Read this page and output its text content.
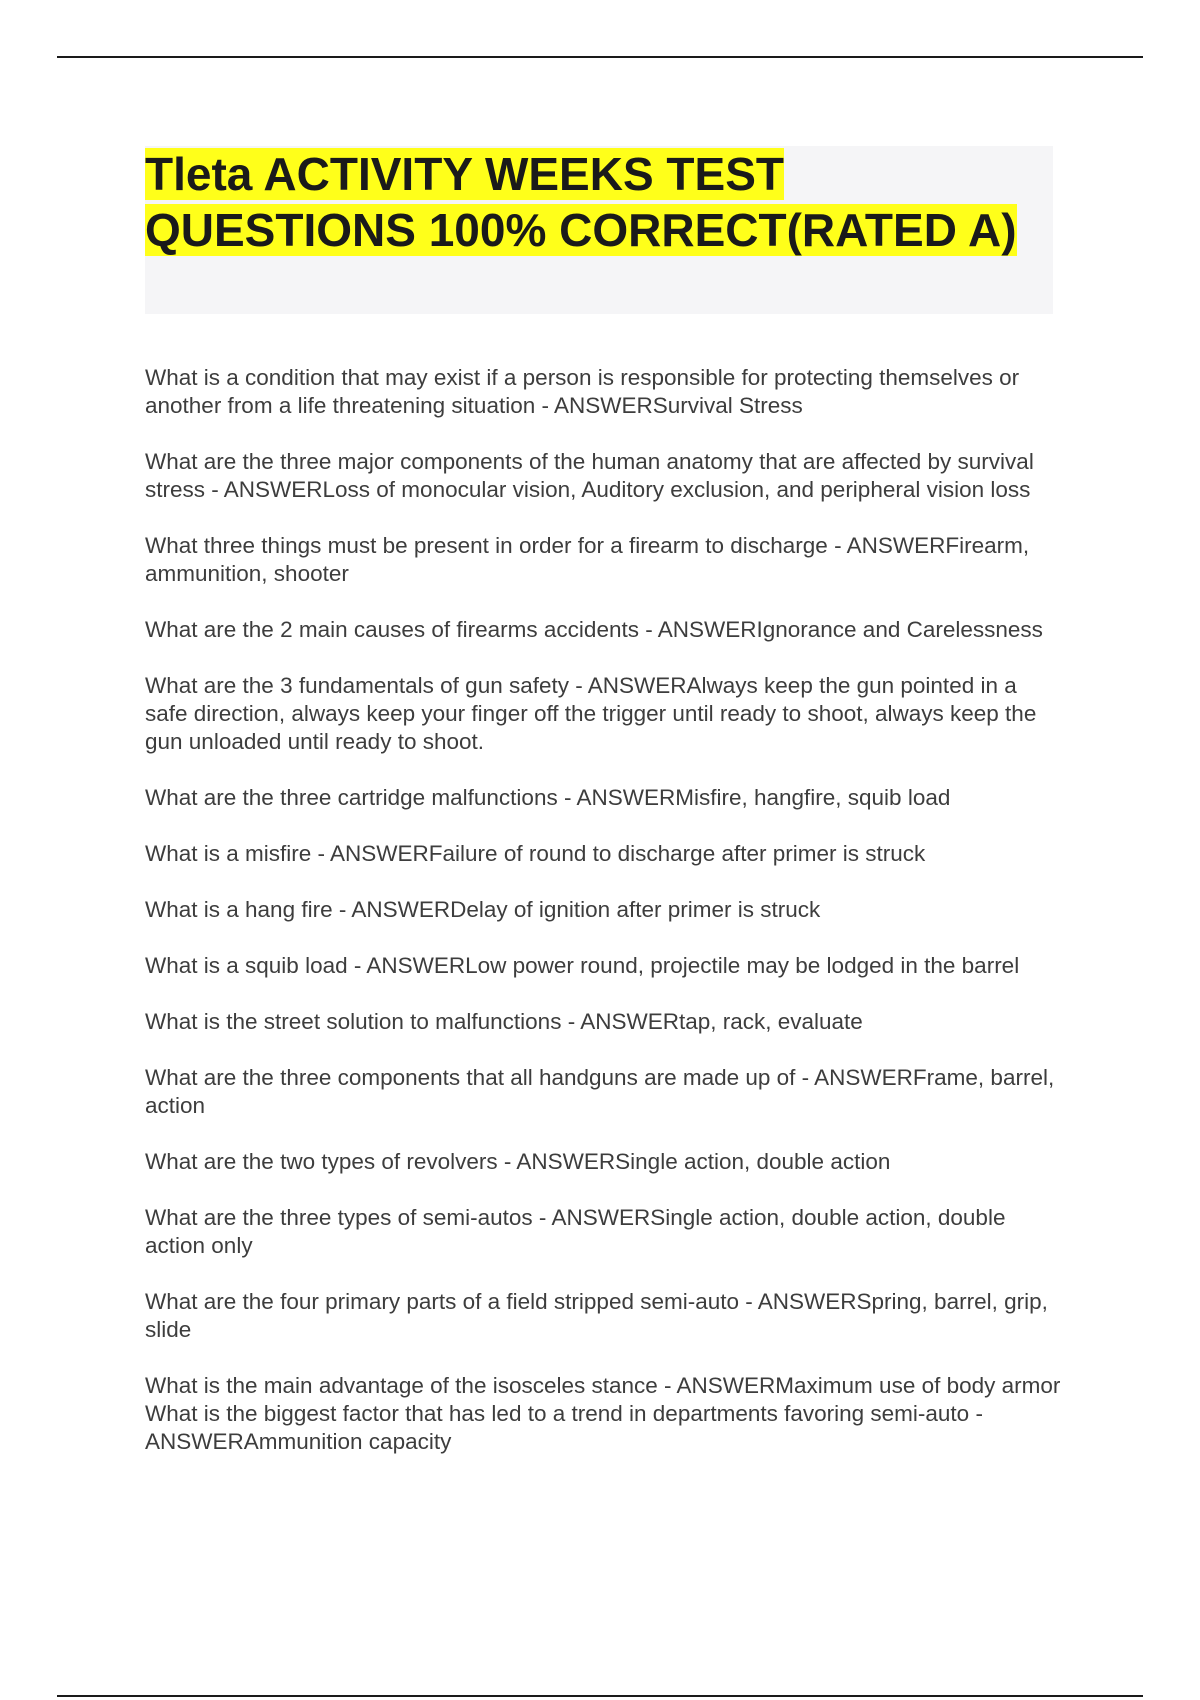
Tleta ACTIVITY WEEKS TEST QUESTIONS 100% CORRECT(RATED A)
What is a condition that may exist if a person is responsible for protecting themselves or another from a life threatening situation - ANSWERSurvival Stress
What are the three major components of the human anatomy that are affected by survival stress - ANSWERLoss of monocular vision, Auditory exclusion, and peripheral vision loss
What three things must be present in order for a firearm to discharge - ANSWERFirearm, ammunition, shooter
What are the 2 main causes of firearms accidents - ANSWERIgnorance and Carelessness
What are the 3 fundamentals of gun safety - ANSWERAlways keep the gun pointed in a safe direction, always keep your finger off the trigger until ready to shoot, always keep the gun unloaded until ready to shoot.
What are the three cartridge malfunctions - ANSWERMisfire, hangfire, squib load
What is a misfire - ANSWERFailure of round to discharge after primer is struck
What is a hang fire - ANSWERDelay of ignition after primer is struck
What is a squib load - ANSWERLow power round, projectile may be lodged in the barrel
What is the street solution to malfunctions - ANSWERtap, rack, evaluate
What are the three components that all handguns are made up of - ANSWERFrame, barrel, action
What are the two types of revolvers - ANSWERSingle action, double action
What are the three types of semi-autos - ANSWERSingle action, double action, double action only
What are the four primary parts of a field stripped semi-auto - ANSWERSpring, barrel, grip, slide
What is the main advantage of the isosceles stance - ANSWERMaximum use of body armor What is the biggest factor that has led to a trend in departments favoring semi-auto - ANSWERAmmunition capacity
